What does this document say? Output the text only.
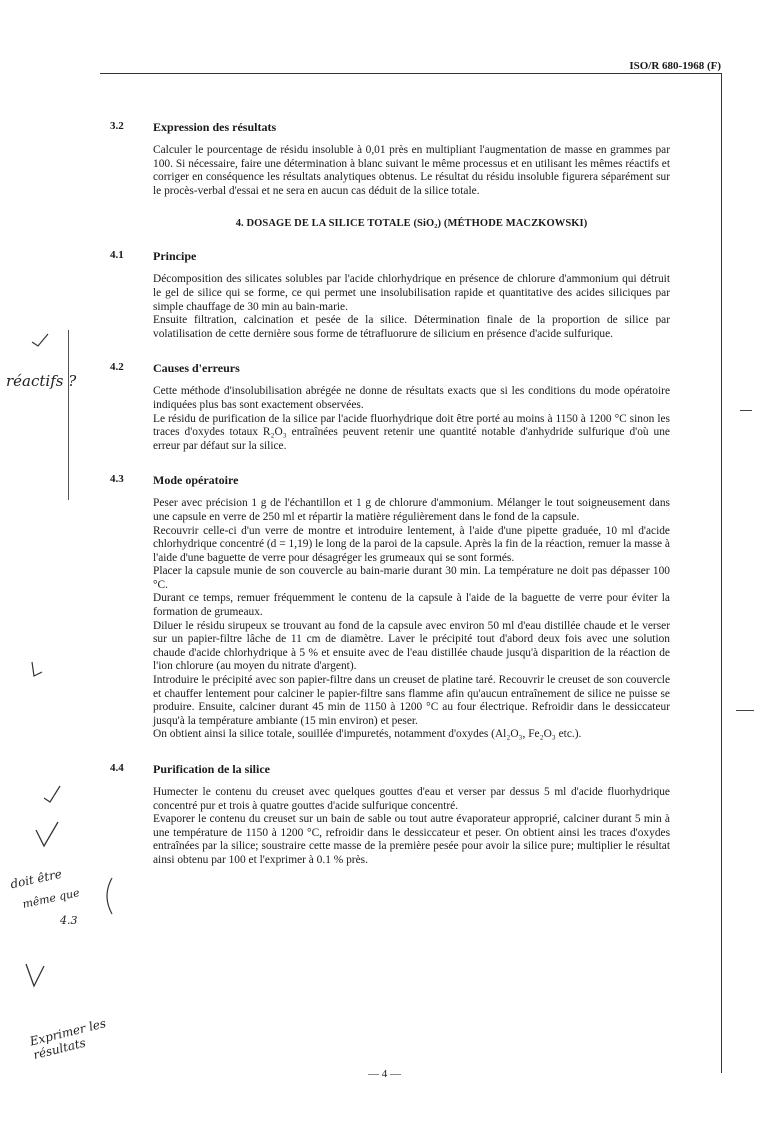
ISO/R 680-1968 (F)
3.2	Expression des résultats

Calculer le pourcentage de résidu insoluble à 0,01 près en multipliant l'augmentation de masse en grammes par 100. Si nécessaire, faire une détermination à blanc suivant le même processus et en utilisant les mêmes réactifs et corriger en conséquence les résultats analytiques obtenus. Le résultat du résidu insoluble figurera séparément sur le procès-verbal d'essai et ne sera en aucun cas déduit de la silice totale.

4. DOSAGE DE LA SILICE TOTALE (SiO₂) (MÉTHODE MACZKOWSKI)
4.1	Principe

Décomposition des silicates solubles par l'acide chlorhydrique en présence de chlorure d'ammonium qui détruit le gel de silice qui se forme, ce qui permet une insolubilisation rapide et quantitative des acides siliciques par simple chauffage de 30 min au bain-marie.

Ensuite filtration, calcination et pesée de la silice. Détermination finale de la proportion de silice par volatilisation de cette dernière sous forme de tétrafluorure de silicium en présence d'acide sulfurique.

4.2	Causes d'erreurs

Cette méthode d'insolubilisation abrégée ne donne de résultats exacts que si les conditions du mode opératoire indiquées plus bas sont exactement observées.

Le résidu de purification de la silice par l'acide fluorhydrique doit être porté au moins à 1150 à 1200 °C sinon les traces d'oxydes totaux R₂O₃ entraînées peuvent retenir une quantité notable d'anhydride sulfurique d'où une erreur par défaut sur la silice.

4.3	Mode opératoire

Peser avec précision 1 g de l'échantillon et 1 g de chlorure d'ammonium. Mélanger le tout soigneusement dans une capsule en verre de 250 ml et répartir la matière régulièrement dans le fond de la capsule.

Recouvrir celle-ci d'un verre de montre et introduire lentement, à l'aide d'une pipette graduée, 10 ml d'acide chlorhydrique concentré (d = 1,19) le long de la paroi de la capsule. Après la fin de la réaction, remuer la masse à l'aide d'une baguette de verre pour désagréger les grumeaux qui se sont formés.

Placer la capsule munie de son couvercle au bain-marie durant 30 min. La température ne doit pas dépasser 100 °C.

Durant ce temps, remuer fréquemment le contenu de la capsule à l'aide de la baguette de verre pour éviter la formation de grumeaux.

Diluer le résidu sirupeux se trouvant au fond de la capsule avec environ 50 ml d'eau distillée chaude et le verser sur un papier-filtre lâche de 11 cm de diamètre. Laver le précipité tout d'abord deux fois avec une solution chaude d'acide chlorhydrique à 5 % et ensuite avec de l'eau distillée chaude jusqu'à disparition de la réaction de l'ion chlorure (au moyen du nitrate d'argent).

Introduire le précipité avec son papier-filtre dans un creuset de platine taré. Recouvrir le creuset de son couvercle et chauffer lentement pour calciner le papier-filtre sans flamme afin qu'aucun entraînement de silice ne puisse se produire. Ensuite, calciner durant 45 min de 1150 à 1200 °C au four électrique. Refroidir dans le dessiccateur jusqu'à la température ambiante (15 min environ) et peser.

On obtient ainsi la silice totale, souillée d'impuretés, notamment d'oxydes (Al₂O₃, Fe₂O₃ etc.).

4.4	Purification de la silice

Humecter le contenu du creuset avec quelques gouttes d'eau et verser par dessus 5 ml d'acide fluorhydrique concentré pur et trois à quatre gouttes d'acide sulfurique concentré.

Evaporer le contenu du creuset sur un bain de sable ou tout autre évaporateur approprié, calciner durant 5 min à une température de 1150 à 1200 °C, refroidir dans le dessiccateur et peser. On obtient ainsi les traces d'oxydes entraînées par la silice; soustraire cette masse de la première pesée pour avoir la silice pure; multiplier le résultat ainsi obtenu par 100 et l'exprimer à 0.1 % près.

réactifs ?
doit être
même que
4.3
Exprimer les résultats
— 4 —
